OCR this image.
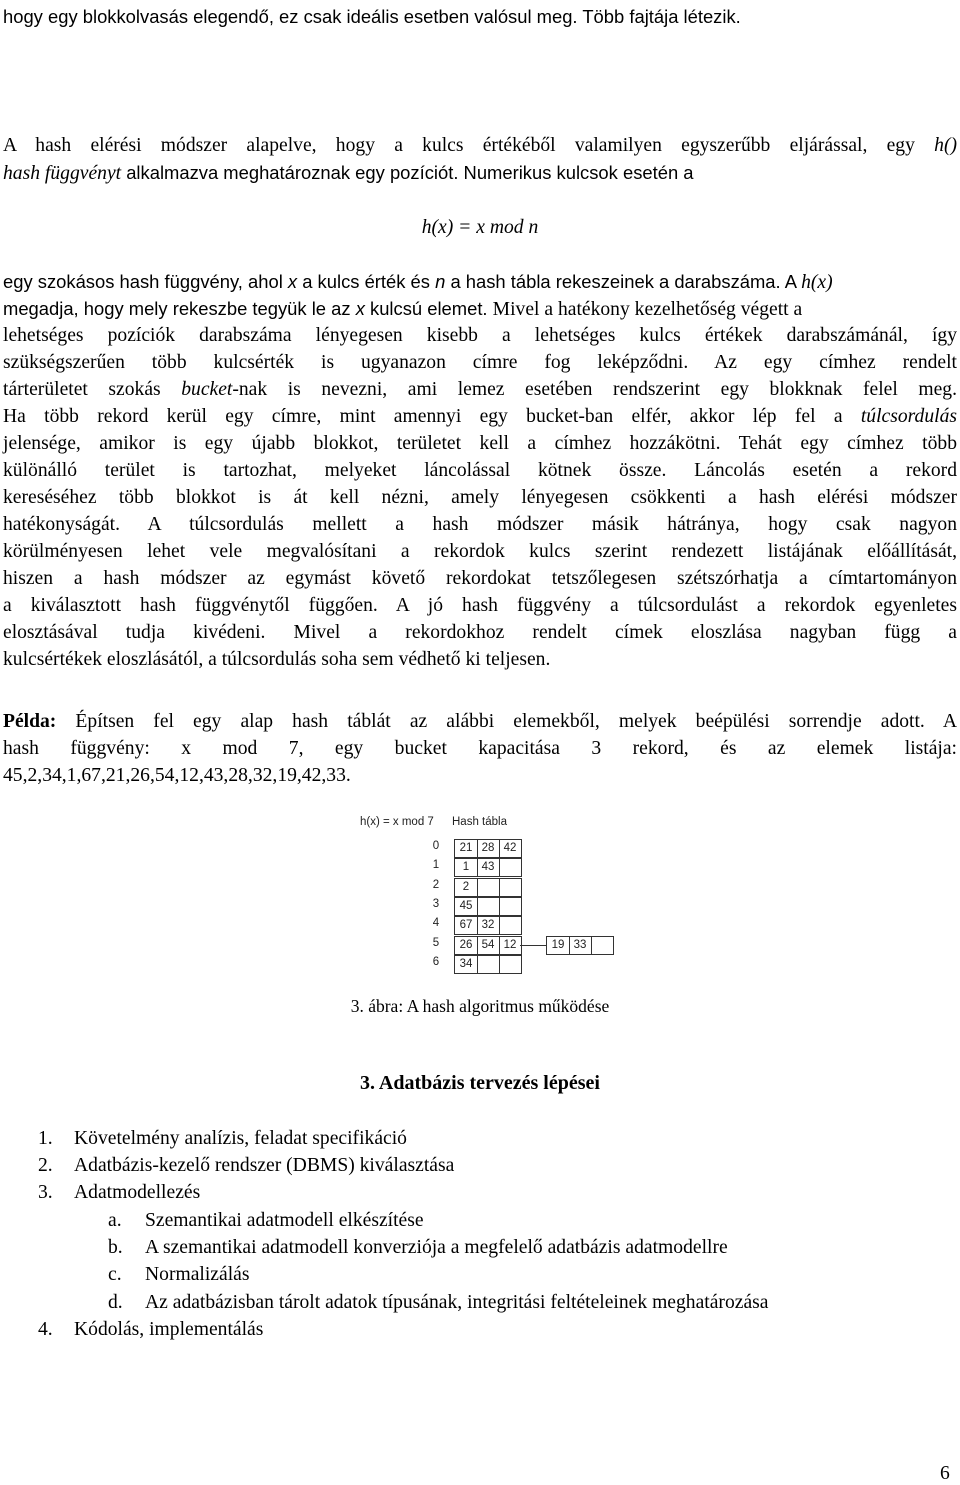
hogy egy blokkolvasás elegendő, ez csak ideális esetben valósul meg. Több fajtája létezik.
A hash elérési módszer alapelve, hogy a kulcs értékéből valamilyen egyszerűbb eljárással, egy h()
hash függvényt alkalmazva meghatároznak egy pozíciót. Numerikus kulcsok esetén a
h(x) = x mod n
egy szokásos hash függvény, ahol x a kulcs érték és n a hash tábla rekeszeinek a darabszáma. A h(x)
megadja, hogy mely rekeszbe tegyük le az x kulcsú elemet. Mivel a hatékony kezelhetőség végett a
lehetséges pozíciók darabszáma lényegesen kisebb a lehetséges kulcs értékek darabszámánál, így
szükségszerűen több kulcsérték is ugyanazon címre fog leképződni. Az egy címhez rendelt
tárterületet szokás bucket-nak is nevezni, ami lemez esetében rendszerint egy blokknak felel meg.
Ha több rekord kerül egy címre, mint amennyi egy bucket-ban elfér, akkor lép fel a túlcsordulás
jelensége, amikor is egy újabb blokkot, területet kell a címhez hozzákötni. Tehát egy címhez több
különálló terület is tartozhat, melyeket láncolással kötnek össze. Láncolás esetén a rekord
kereséséhez több blokkot is át kell nézni, amely lényegesen csökkenti a hash elérési módszer
hatékonyságát. A túlcsordulás mellett a hash módszer másik hátránya, hogy csak nagyon
körülményesen lehet vele megvalósítani a rekordok kulcs szerint rendezett listájának előállítását,
hiszen a hash módszer az egymást követő rekordokat tetszőlegesen szétszórhatja a címtartományon
a kiválasztott hash függvénytől függően. A jó hash függvény a túlcsordulást a rekordok egyenletes
elosztásával tudja kivédeni. Mivel a rekordokhoz rendelt címek eloszlása nagyban függ a
kulcsértékek eloszlásától, a túlcsordulás soha sem védhető ki teljesen.
Példa: Építsen fel egy alap hash táblát az alábbi elemekből, melyek beépülési sorrendje adott. A
hash függvény: x mod 7, egy bucket kapacitása 3 rekord, és az elemek listája:
45,2,34,1,67,21,26,54,12,43,28,32,19,42,33.
h(x) = x mod 7 Hash tábla
0	21 28 42
1	1	43
2	2
3	45
4	67 32
5	26 54 12	19 33
6	34
3. ábra: A hash algoritmus működése
3. Adatbázis tervezés lépései
1. Követelmény analízis, feladat specifikáció
2. Adatbázis-kezelő rendszer (DBMS) kiválasztása
3. Adatmodellezés
a. Szemantikai adatmodell elkészítése
b. A szemantikai adatmodell konverziója a megfelelő adatbázis adatmodellre
c. Normalizálás
d. Az adatbázisban tárolt adatok típusának, integritási feltételeinek meghatározása
4. Kódolás, implementálás
6
